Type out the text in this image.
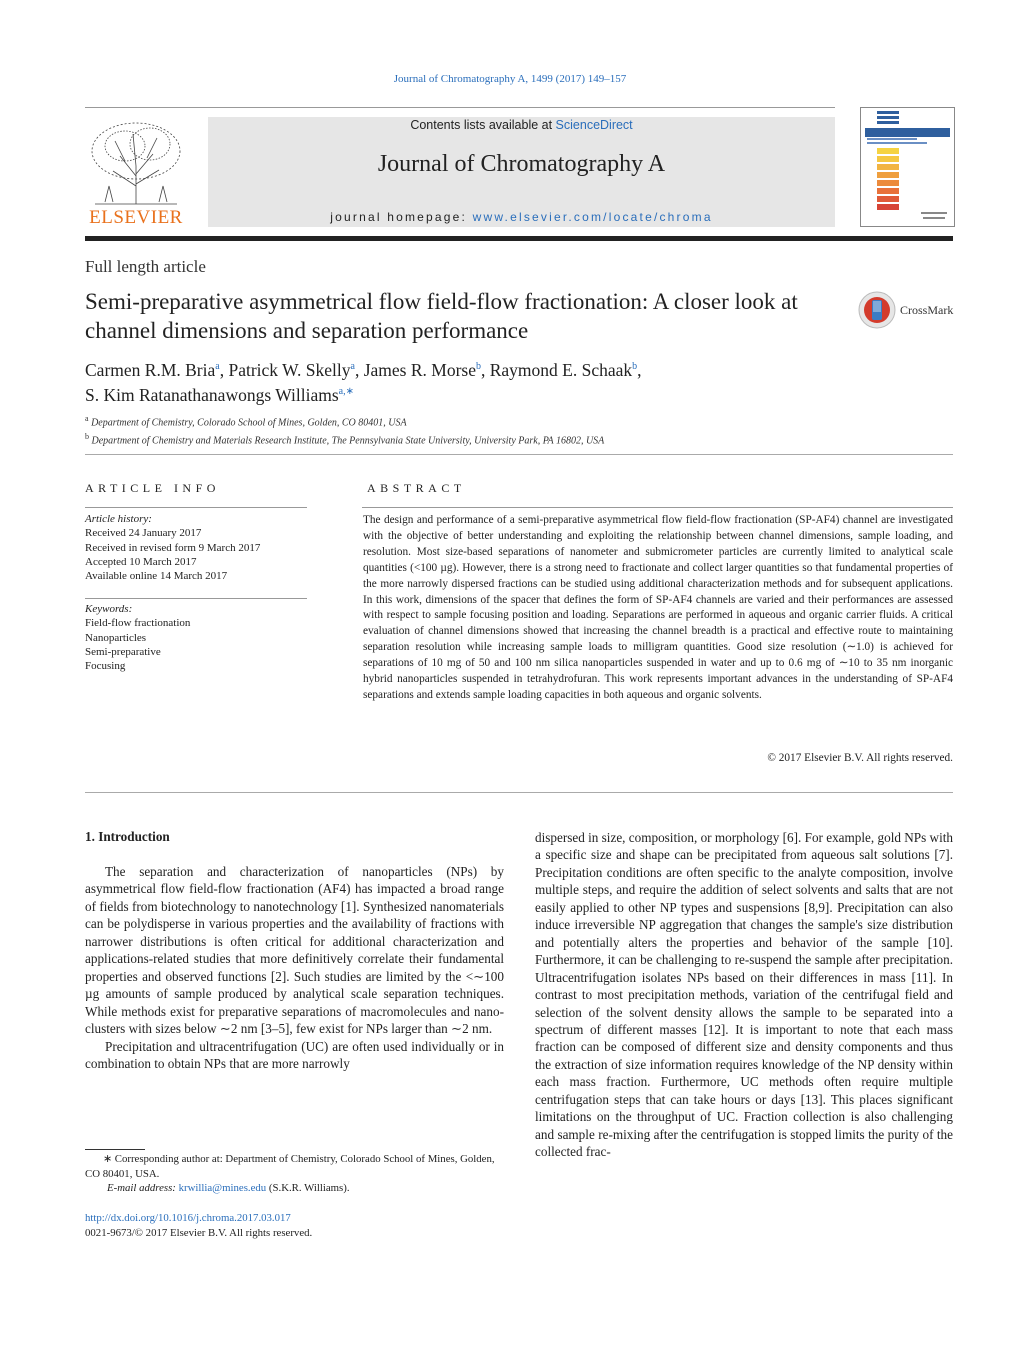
Journal of Chromatography A, 1499 (2017) 149–157
ELSEVIER
Contents lists available at ScienceDirect
Journal of Chromatography A
journal homepage: www.elsevier.com/locate/chroma
Full length article
Semi-preparative asymmetrical flow field-flow fractionation: A closer look at channel dimensions and separation performance
CrossMark
Carmen R.M. Bria$^a$, Patrick W. Skelly$^a$, James R. Morse$^b$, Raymond E. Schaak$^b$,
S. Kim Ratanathanawongs Williams$^{a,∗}$
$^a$ Department of Chemistry, Colorado School of Mines, Golden, CO 80401, USA
$^b$ Department of Chemistry and Materials Research Institute, The Pennsylvania State University, University Park, PA 16802, USA
ARTICLE INFO	ABSTRACT
Article history:
Received 24 January 2017
Received in revised form 9 March 2017
Accepted 10 March 2017
Available online 14 March 2017
Keywords:
Field-flow fractionation
Nanoparticles
Semi-preparative
Focusing
The design and performance of a semi-preparative asymmetrical flow field-flow fractionation (SP-AF4) channel are investigated with the objective of better understanding and exploiting the relationship between channel dimensions, sample loading, and resolution. Most size-based separations of nanometer and submicrometer particles are currently limited to analytical scale quantities (<100 µg). However, there is a strong need to fractionate and collect larger quantities so that fundamental properties of the more narrowly dispersed fractions can be studied using additional characterization methods and for subsequent applications. In this work, dimensions of the spacer that defines the form of SP-AF4 channels are varied and their performances are assessed with respect to sample focusing position and loading. Separations are performed in aqueous and organic carrier fluids. A critical evaluation of channel dimensions showed that increasing the channel breadth is a practical and effective route to maintaining separation resolution while increasing sample loads to milligram quantities. Good size resolution (∼1.0) is achieved for separations of 10 mg of 50 and 100 nm silica nanoparticles suspended in water and up to 0.6 mg of ∼10 to 35 nm inorganic hybrid nanoparticles suspended in tetrahydrofuran. This work represents important advances in the understanding of SP-AF4 separations and extends sample loading capacities in both aqueous and organic solvents.
© 2017 Elsevier B.V. All rights reserved.
1. Introduction

The separation and characterization of nanoparticles (NPs) by asymmetrical flow field-flow fractionation (AF4) has impacted a broad range of fields from biotechnology to nanotechnology [1]. Synthesized nanomaterials can be polydisperse in various properties and the availability of fractions with narrower distributions is often critical for additional characterization and applications-related studies that more definitively correlate their fundamental properties and observed functions [2]. Such studies are limited by the <∼100 µg amounts of sample produced by analytical scale separation techniques. While methods exist for preparative separations of macromolecules and nano-clusters with sizes below ∼2 nm [3–5], few exist for NPs larger than ∼2 nm.

Precipitation and ultracentrifugation (UC) are often used individually or in combination to obtain NPs that are more narrowly

dispersed in size, composition, or morphology [6]. For example, gold NPs with a specific size and shape can be precipitated from aqueous salt solutions [7]. Precipitation conditions are often specific to the analyte composition, involve multiple steps, and require the addition of select solvents and salts that are not easily applied to other NP types and suspensions [8,9]. Precipitation can also induce irreversible NP aggregation that changes the sample's size distribution and potentially alters the properties and behavior of the sample [10]. Furthermore, it can be challenging to re-suspend the sample after precipitation. Ultracentrifugation isolates NPs based on their differences in mass [11]. In contrast to most precipitation methods, variation of the centrifugal field and selection of the solvent density allows the sample to be separated into a spectrum of different masses [12]. It is important to note that each mass fraction can be composed of different size and density components and thus the extraction of size information requires knowledge of the NP density within each mass fraction. Furthermore, UC methods often require multiple centrifugation steps that can take hours or days [13]. This places significant limitations on the throughput of UC. Fraction collection is also challenging and sample re-mixing after the centrifugation is stopped limits the purity of the collected frac-

∗ Corresponding author at: Department of Chemistry, Colorado School of Mines, Golden, CO 80401, USA.
E-mail address: krwillia@mines.edu (S.K.R. Williams).
http://dx.doi.org/10.1016/j.chroma.2017.03.017
0021-9673/© 2017 Elsevier B.V. All rights reserved.
